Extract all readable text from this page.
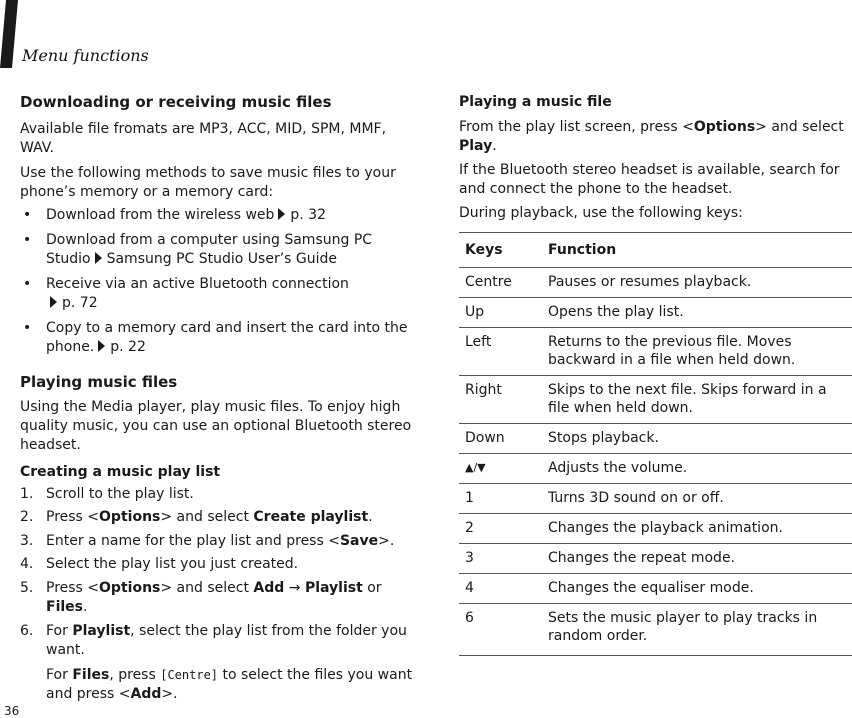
Menu functions
Downloading or receiving music files
Available file fromats are MP3, ACC, MID, SPM, MMF, WAV.
Use the following methods to save music files to your phone’s memory or a memory card:
• Download from the wireless web p. 32
• Download from a computer using Samsung PC Studio Samsung PC Studio User’s Guide
• Receive via an active Bluetooth connection
p. 72
• Copy to a memory card and insert the card into the phone. p. 22
Playing music files
Using the Media player, play music files. To enjoy high quality music, you can use an optional Bluetooth stereo headset.
Creating a music play list
1. Scroll to the play list.
2. Press <Options> and select Create playlist.
3. Enter a name for the play list and press <Save>.
4. Select the play list you just created.
5. Press <Options> and select Add → Playlist or Files.
6. For Playlist, select the play list from the folder you want.
For Files, press [Centre] to select the files you want and press <Add>.
Playing a music file
From the play list screen, press <Options> and select Play.
If the Bluetooth stereo headset is available, search for and connect the phone to the headset.
During playback, use the following keys:
Keys	Function
Centre	Pauses or resumes playback.
Up	Opens the play list.
Left	Returns to the previous file. Moves backward in a file when held down.
Right	Skips to the next file. Skips forward in a file when held down.
Down	Stops playback.
▲/▼	Adjusts the volume.
1	Turns 3D sound on or off.
2	Changes the playback animation.
3	Changes the repeat mode.
4	Changes the equaliser mode.
6	Sets the music player to play tracks in random order.
36
